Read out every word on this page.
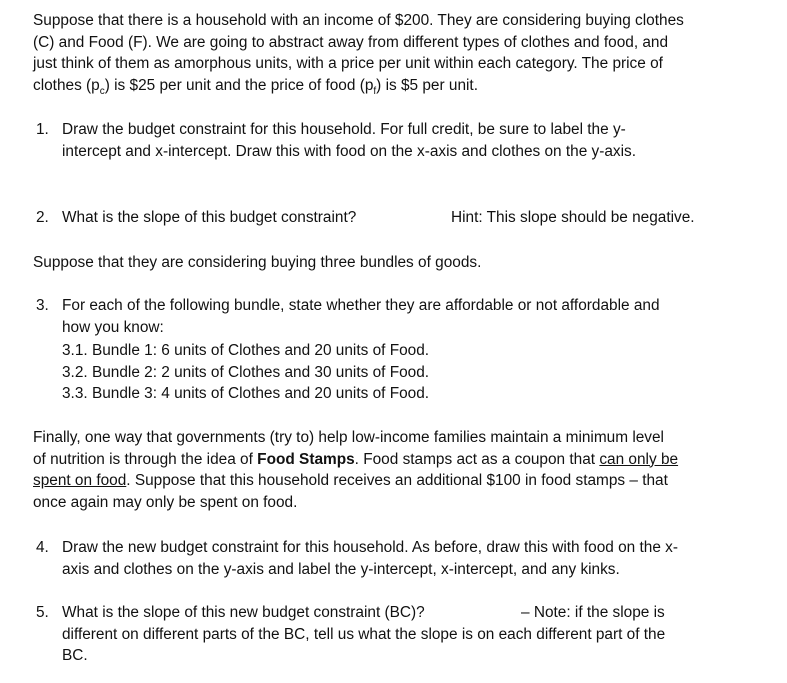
Suppose that there is a household with an income of $200. They are considering buying clothes
(C) and Food (F). We are going to abstract away from different types of clothes and food, and
just think of them as amorphous units, with a price per unit within each category. The price of
clothes $(p_c)$ is $25 per unit and the price of food $(p_f)$ is $5 per unit.
1. Draw the budget constraint for this household. For full credit, be sure to label the y-
intercept and x-intercept. Draw this with food on the x-axis and clothes on the y-axis.
2. What is the slope of this budget constraint?	Hint: This slope should be negative.
Suppose that they are considering buying three bundles of goods.
3. For each of the following bundle, state whether they are affordable or not affordable and
how you know:
3.1. Bundle 1: 6 units of Clothes and 20 units of Food.
3.2. Bundle 2: 2 units of Clothes and 30 units of Food.
3.3. Bundle 3: 4 units of Clothes and 20 units of Food.
Finally, one way that governments (try to) help low-income families maintain a minimum level
of nutrition is through the idea of Food Stamps. Food stamps act as a coupon that can only be
spent on food. Suppose that this household receives an additional $100 in food stamps – that
once again may only be spent on food.
4. Draw the new budget constraint for this household. As before, draw this with food on the x-
axis and clothes on the y-axis and label the y-intercept, x-intercept, and any kinks.
5. What is the slope of this new budget constraint (BC)?	– Note: if the slope is
different on different parts of the BC, tell us what the slope is on each different part of the
BC.
